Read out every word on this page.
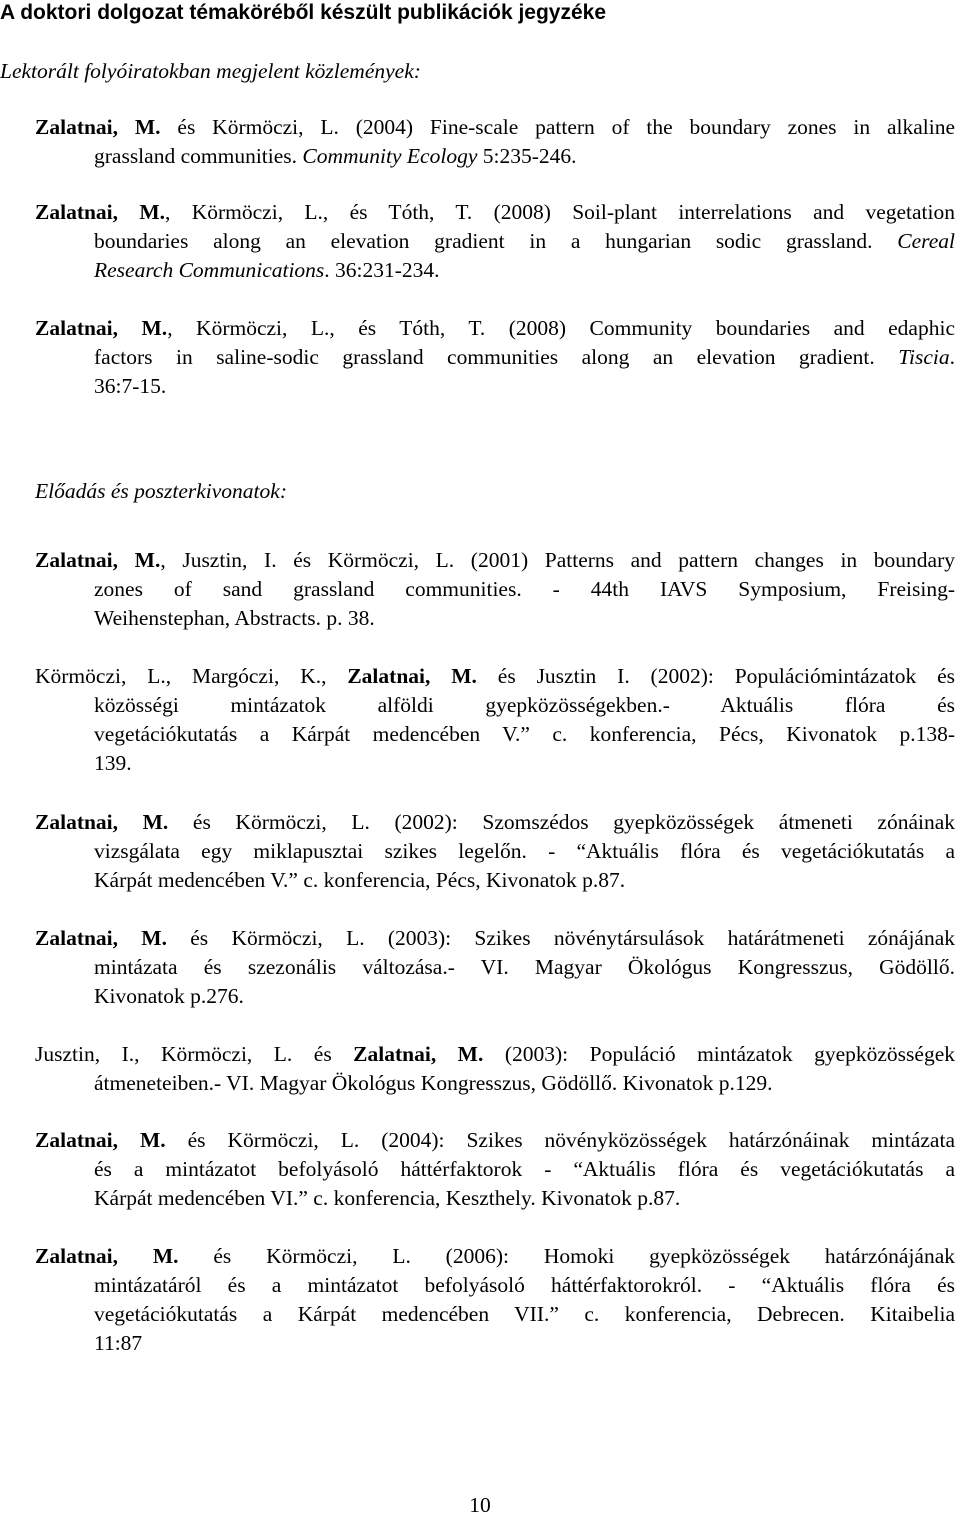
A doktori dolgozat témaköréből készült publikációk jegyzéke
Lektorált folyóiratokban megjelent közlemények:
Zalatnai, M. és Körmöczi, L. (2004) Fine-scale pattern of the boundary zones in alkaline
grassland communities. Community Ecology 5:235-246.
Zalatnai, M., Körmöczi, L., és Tóth, T. (2008) Soil-plant interrelations and vegetation
boundaries along an elevation gradient in a hungarian sodic grassland. Cereal
Research Communications. 36:231-234.
Zalatnai, M., Körmöczi, L., és Tóth, T. (2008) Community boundaries and edaphic
factors in saline-sodic grassland communities along an elevation gradient. Tiscia.
36:7-15.
Előadás és poszterkivonatok:
Zalatnai, M., Jusztin, I. és Körmöczi, L. (2001) Patterns and pattern changes in boundary
zones of sand grassland communities. - 44th IAVS Symposium, Freising-
Weihenstephan, Abstracts. p. 38.
Körmöczi, L., Margóczi, K., Zalatnai, M. és Jusztin I. (2002): Populációmintázatok és
közösségi mintázatok alföldi gyepközösségekben.- Aktuális flóra és
vegetációkutatás a Kárpát medencében V.” c. konferencia, Pécs, Kivonatok p.138-
139.
Zalatnai, M. és Körmöczi, L. (2002): Szomszédos gyepközösségek átmeneti zónáinak
vizsgálata egy miklapusztai szikes legelőn. - “Aktuális flóra és vegetációkutatás a
Kárpát medencében V.” c. konferencia, Pécs, Kivonatok p.87.
Zalatnai, M. és Körmöczi, L. (2003): Szikes növénytársulások határátmeneti zónájának
mintázata és szezonális változása.- VI. Magyar Ökológus Kongresszus, Gödöllő.
Kivonatok p.276.
Jusztin, I., Körmöczi, L. és Zalatnai, M. (2003): Populáció mintázatok gyepközösségek
átmeneteiben.- VI. Magyar Ökológus Kongresszus, Gödöllő. Kivonatok p.129.
Zalatnai, M. és Körmöczi, L. (2004): Szikes növényközösségek határzónáinak mintázata
és a mintázatot befolyásoló háttérfaktorok - “Aktuális flóra és vegetációkutatás a
Kárpát medencében VI.” c. konferencia, Keszthely. Kivonatok p.87.
Zalatnai, M. és Körmöczi, L. (2006): Homoki gyepközösségek határzónájának
mintázatáról és a mintázatot befolyásoló háttérfaktorokról. - “Aktuális flóra és
vegetációkutatás a Kárpát medencében VII.” c. konferencia, Debrecen. Kitaibelia
11:87
10
